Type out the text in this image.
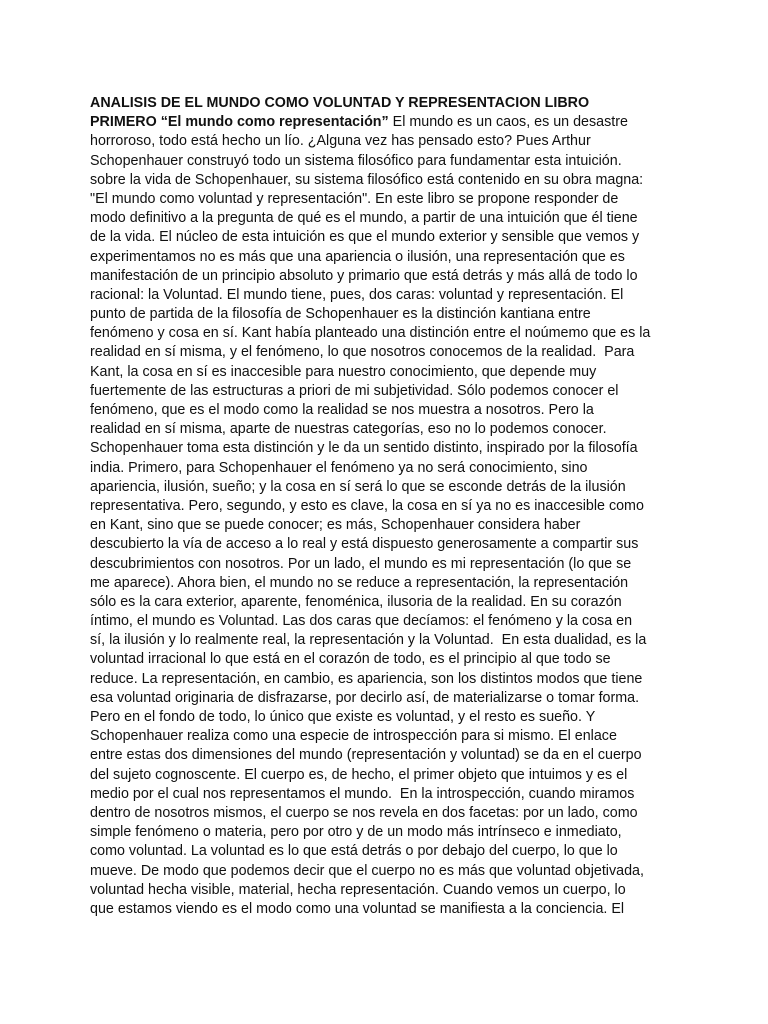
ANALISIS DE EL MUNDO COMO VOLUNTAD Y REPRESENTACION LIBRO
PRIMERO “El mundo como representación” El mundo es un caos, es un desastre
horroroso, todo está hecho un lío. ¿Alguna vez has pensado esto? Pues Arthur
Schopenhauer construyó todo un sistema filosófico para fundamentar esta intuición.
sobre la vida de Schopenhauer, su sistema filosófico está contenido en su obra magna:
"El mundo como voluntad y representación". En este libro se propone responder de
modo definitivo a la pregunta de qué es el mundo, a partir de una intuición que él tiene
de la vida. El núcleo de esta intuición es que el mundo exterior y sensible que vemos y
experimentamos no es más que una apariencia o ilusión, una representación que es
manifestación de un principio absoluto y primario que está detrás y más allá de todo lo
racional: la Voluntad. El mundo tiene, pues, dos caras: voluntad y representación. El
punto de partida de la filosofía de Schopenhauer es la distinción kantiana entre
fenómeno y cosa en sí. Kant había planteado una distinción entre el noúmemo que es la
realidad en sí misma, y el fenómeno, lo que nosotros conocemos de la realidad.  Para
Kant, la cosa en sí es inaccesible para nuestro conocimiento, que depende muy
fuertemente de las estructuras a priori de mi subjetividad. Sólo podemos conocer el
fenómeno, que es el modo como la realidad se nos muestra a nosotros. Pero la
realidad en sí misma, aparte de nuestras categorías, eso no lo podemos conocer.
Schopenhauer toma esta distinción y le da un sentido distinto, inspirado por la filosofía
india. Primero, para Schopenhauer el fenómeno ya no será conocimiento, sino
apariencia, ilusión, sueño; y la cosa en sí será lo que se esconde detrás de la ilusión
representativa. Pero, segundo, y esto es clave, la cosa en sí ya no es inaccesible como
en Kant, sino que se puede conocer; es más, Schopenhauer considera haber
descubierto la vía de acceso a lo real y está dispuesto generosamente a compartir sus
descubrimientos con nosotros. Por un lado, el mundo es mi representación (lo que se
me aparece). Ahora bien, el mundo no se reduce a representación, la representación
sólo es la cara exterior, aparente, fenoménica, ilusoria de la realidad. En su corazón
íntimo, el mundo es Voluntad. Las dos caras que decíamos: el fenómeno y la cosa en
sí, la ilusión y lo realmente real, la representación y la Voluntad.  En esta dualidad, es la
voluntad irracional lo que está en el corazón de todo, es el principio al que todo se
reduce. La representación, en cambio, es apariencia, son los distintos modos que tiene
esa voluntad originaria de disfrazarse, por decirlo así, de materializarse o tomar forma.
Pero en el fondo de todo, lo único que existe es voluntad, y el resto es sueño. Y
Schopenhauer realiza como una especie de introspección para si mismo. El enlace
entre estas dos dimensiones del mundo (representación y voluntad) se da en el cuerpo
del sujeto cognoscente. El cuerpo es, de hecho, el primer objeto que intuimos y es el
medio por el cual nos representamos el mundo.  En la introspección, cuando miramos
dentro de nosotros mismos, el cuerpo se nos revela en dos facetas: por un lado, como
simple fenómeno o materia, pero por otro y de un modo más intrínseco e inmediato,
como voluntad. La voluntad es lo que está detrás o por debajo del cuerpo, lo que lo
mueve. De modo que podemos decir que el cuerpo no es más que voluntad objetivada,
voluntad hecha visible, material, hecha representación. Cuando vemos un cuerpo, lo
que estamos viendo es el modo como una voluntad se manifiesta a la conciencia. El
